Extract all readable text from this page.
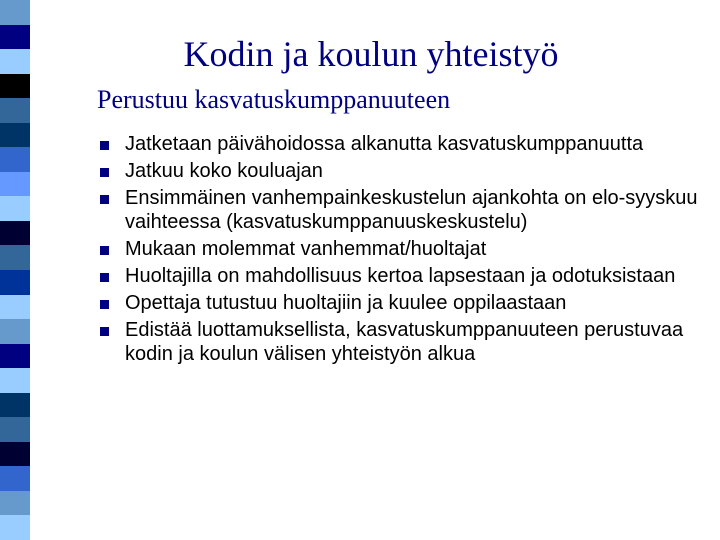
Kodin ja koulun yhteistyö
Perustuu kasvatuskumppanuuteen
Jatketaan päivähoidossa alkanutta kasvatuskumppanuutta
Jatkuu koko kouluajan
Ensimmäinen vanhempainkeskustelun ajankohta on elo-syyskuu vaihteessa (kasvatuskumppanuuskeskustelu)
Mukaan molemmat vanhemmat/huoltajat
Huoltajilla on mahdollisuus kertoa lapsestaan ja odotuksistaan
Opettaja tutustuu huoltajiin ja kuulee oppilaastaan
Edistää luottamuksellista, kasvatuskumppanuuteen perustuvaa kodin ja koulun välisen yhteistyön alkua
